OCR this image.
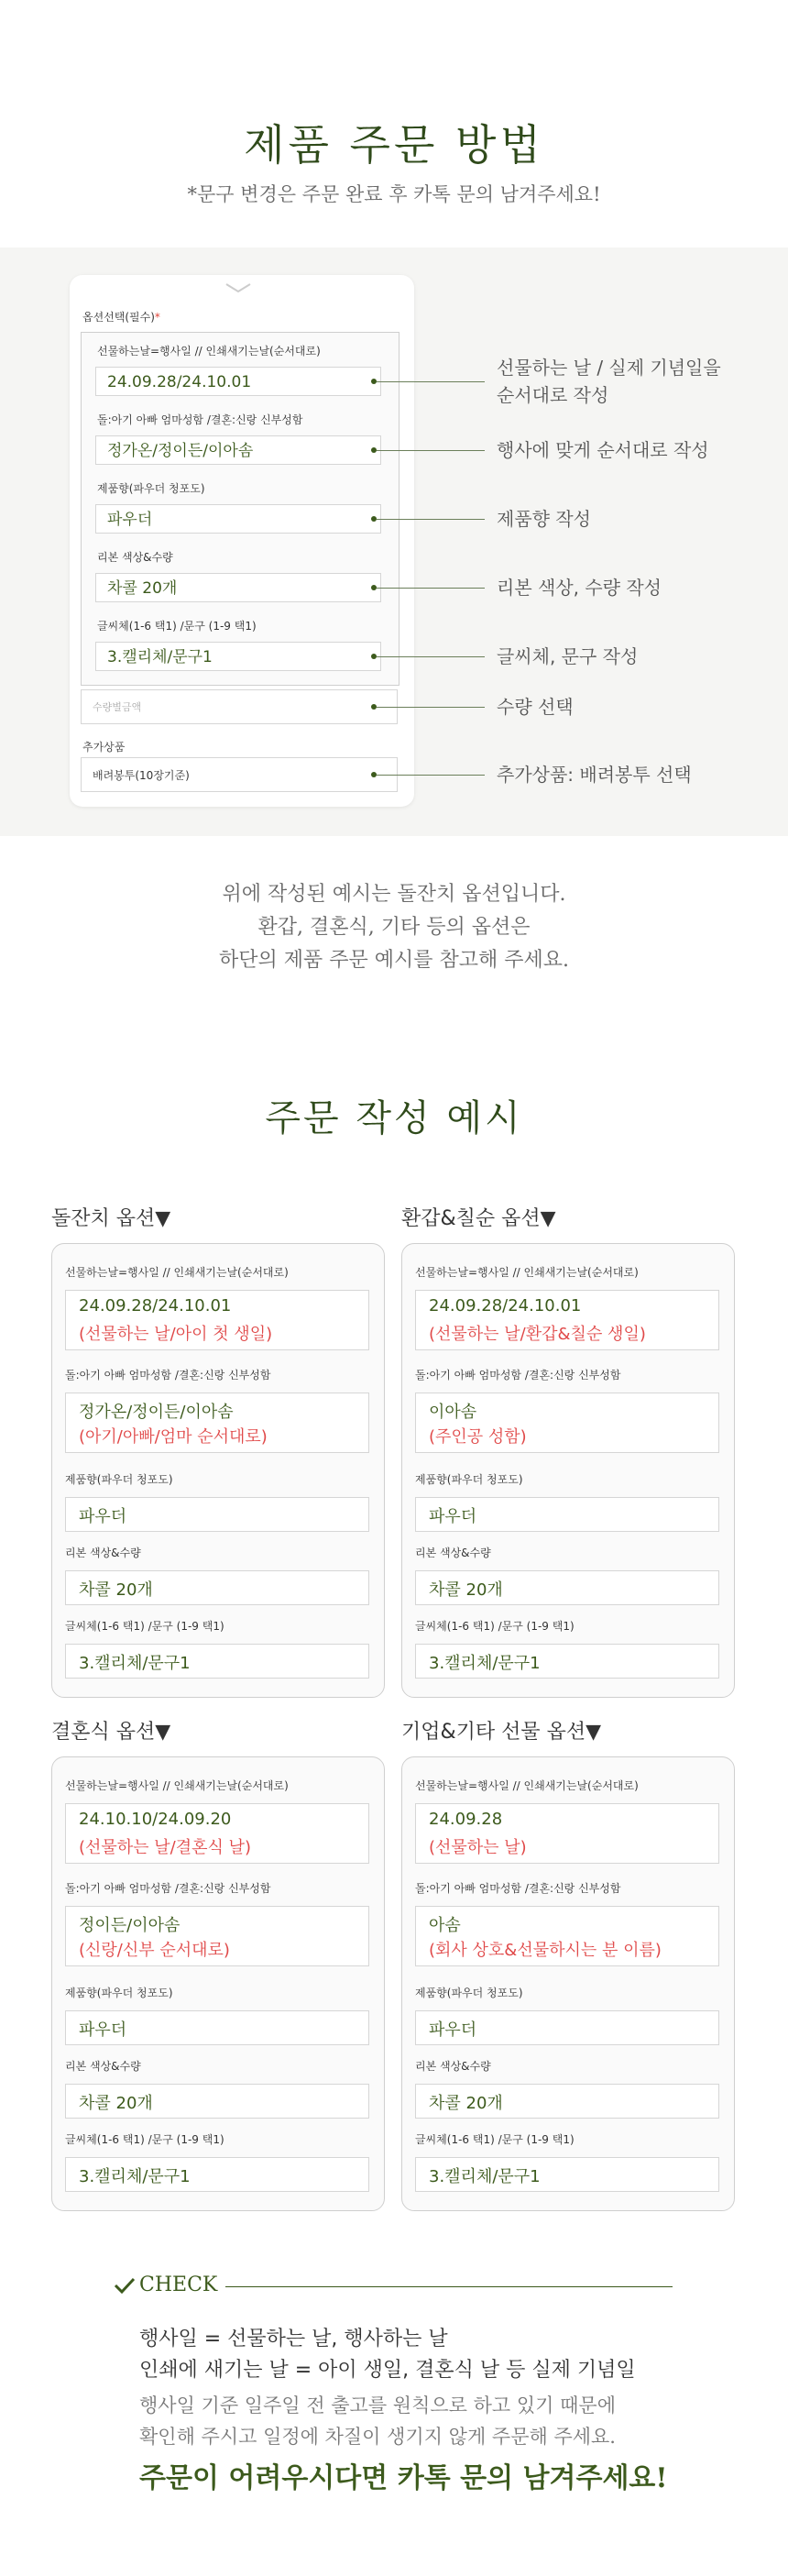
제품 주문 방법
*문구 변경은 주문 완료 후 카톡 문의 남겨주세요!
옵션선택(필수)*
선물하는날=행사일 // 인쇄새기는날(순서대로)
24.09.28/24.10.01
돌:아기 아빠 엄마성함 /결혼:신랑 신부성함
정가온/정이든/이아솜
제품향(파우더 청포도)
파우더
리본 색상&수량
차콜 20개
글씨체(1-6 택1) /문구 (1-9 택1)
3.캘리체/문구1
수량별금액
추가상품
배려봉투(10장기준)
선물하는 날 / 실제 기념일을
순서대로 작성
행사에 맞게 순서대로 작성
제품향 작성
리본 색상, 수량 작성
글씨체, 문구 작성
수량 선택
추가상품: 배려봉투 선택
위에 작성된 예시는 돌잔치 옵션입니다.
환갑, 결혼식, 기타 등의 옵션은
하단의 제품 주문 예시를 참고해 주세요.
주문 작성 예시
돌잔치 옵션▼
선물하는날=행사일 // 인쇄새기는날(순서대로)
24.09.28/24.10.01
(선물하는 날/아이 첫 생일)
돌:아기 아빠 엄마성함 /결혼:신랑 신부성함
정가온/정이든/이아솜
(아기/아빠/엄마 순서대로)
제품향(파우더 청포도)
파우더
리본 색상&수량
차콜 20개
글씨체(1-6 택1) /문구 (1-9 택1)
3.캘리체/문구1
환갑&칠순 옵션▼
선물하는날=행사일 // 인쇄새기는날(순서대로)
24.09.28/24.10.01
(선물하는 날/환갑&칠순 생일)
돌:아기 아빠 엄마성함 /결혼:신랑 신부성함
이아솜
(주인공 성함)
제품향(파우더 청포도)
파우더
리본 색상&수량
차콜 20개
글씨체(1-6 택1) /문구 (1-9 택1)
3.캘리체/문구1
결혼식 옵션▼
선물하는날=행사일 // 인쇄새기는날(순서대로)
24.10.10/24.09.20
(선물하는 날/결혼식 날)
돌:아기 아빠 엄마성함 /결혼:신랑 신부성함
정이든/이아솜
(신랑/신부 순서대로)
제품향(파우더 청포도)
파우더
리본 색상&수량
차콜 20개
글씨체(1-6 택1) /문구 (1-9 택1)
3.캘리체/문구1
기업&기타 선물 옵션▼
선물하는날=행사일 // 인쇄새기는날(순서대로)
24.09.28
(선물하는 날)
돌:아기 아빠 엄마성함 /결혼:신랑 신부성함
아솜
(회사 상호&선물하시는 분 이름)
제품향(파우더 청포도)
파우더
리본 색상&수량
차콜 20개
글씨체(1-6 택1) /문구 (1-9 택1)
3.캘리체/문구1
CHECK
행사일 = 선물하는 날, 행사하는 날
인쇄에 새기는 날 = 아이 생일, 결혼식 날 등 실제 기념일
행사일 기준 일주일 전 출고를 원칙으로 하고 있기 때문에
확인해 주시고 일정에 차질이 생기지 않게 주문해 주세요.
주문이 어려우시다면 카톡 문의 남겨주세요!
